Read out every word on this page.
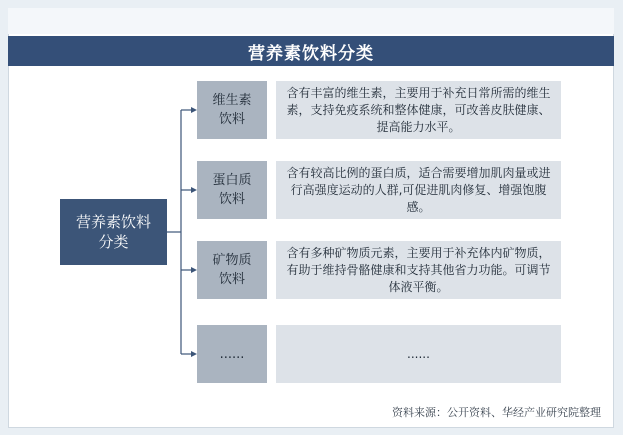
营养素饮料分类
营养素饮料分类
维生素饮料
含有丰富的维生素，主要用于补充日常所需的维生素，支持免疫系统和整体健康，可改善皮肤健康、提高能力水平。
蛋白质饮料
含有较高比例的蛋白质，适合需要增加肌肉量或进行高强度运动的人群,可促进肌肉修复、增强饱腹感。
矿物质饮料
含有多种矿物质元素，主要用于补充体内矿物质，有助于维持骨骼健康和支持其他省力功能。可调节体液平衡。
......	......
资料来源：公开资料、华经产业研究院整理
